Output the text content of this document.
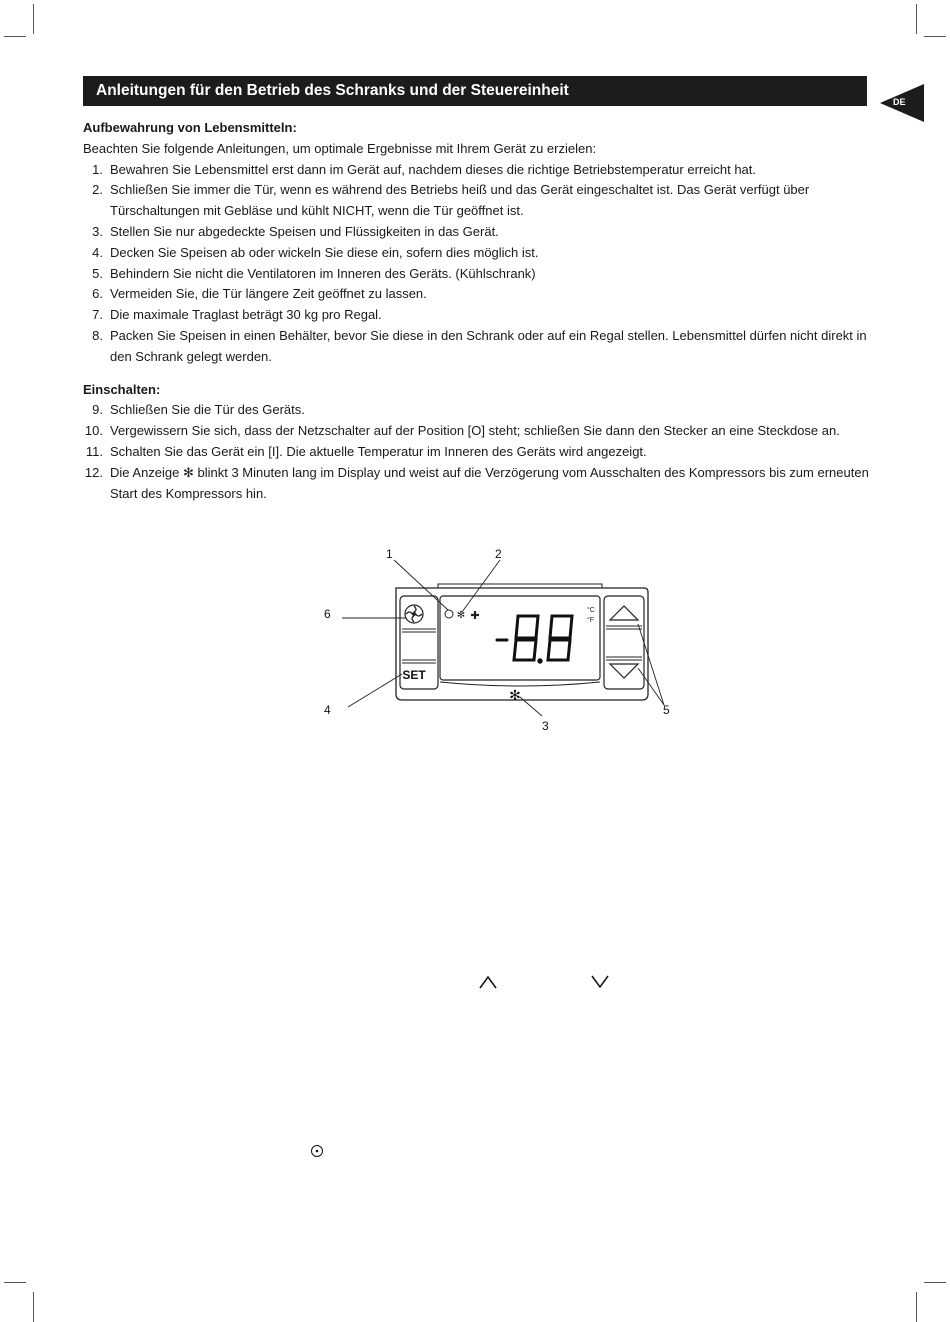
Anleitungen für den Betrieb des Schranks und der Steuereinheit
DE

Aufbewahrung von Lebensmitteln:

Beachten Sie folgende Anleitungen, um optimale Ergebnisse mit Ihrem Gerät zu erzielen:

1. Bewahren Sie Lebensmittel erst dann im Gerät auf, nachdem dieses die richtige Betriebstemperatur erreicht hat.
2. Schließen Sie immer die Tür, wenn es während des Betriebs heiß und das Gerät eingeschaltet ist. Das Gerät verfügt über Türschaltungen mit Gebläse und kühlt NICHT, wenn die Tür geöffnet ist.
3. Stellen Sie nur abgedeckte Speisen und Flüssigkeiten in das Gerät.
4. Decken Sie Speisen ab oder wickeln Sie diese ein, sofern dies möglich ist.
5. Behindern Sie nicht die Ventilatoren im Inneren des Geräts. (Kühlschrank)
6. Vermeiden Sie, die Tür längere Zeit geöffnet zu lassen.
7. Die maximale Traglast beträgt 30 kg pro Regal.
8. Packen Sie Speisen in einen Behälter, bevor Sie diese in den Schrank oder auf ein Regal stellen. Lebensmittel dürfen nicht direkt in den Schrank gelegt werden.

Einschalten:

9. Schließen Sie die Tür des Geräts.
10. Vergewissern Sie sich, dass der Netzschalter auf der Position [O] steht; schließen Sie dann den Stecker an eine Steckdose an.
11. Schalten Sie das Gerät ein [I]. Die aktuelle Temperatur im Inneren des Geräts wird angezeigt.
12. Die Anzeige ✻ blinkt 3 Minuten lang im Display und weist auf die Verzögerung vom Ausschalten des Kompressors bis zum erneuten Start des Kompressors hin.
SET
✻ ✚	°C
°F
-8.8
✻
1	2
3
4	5
6
